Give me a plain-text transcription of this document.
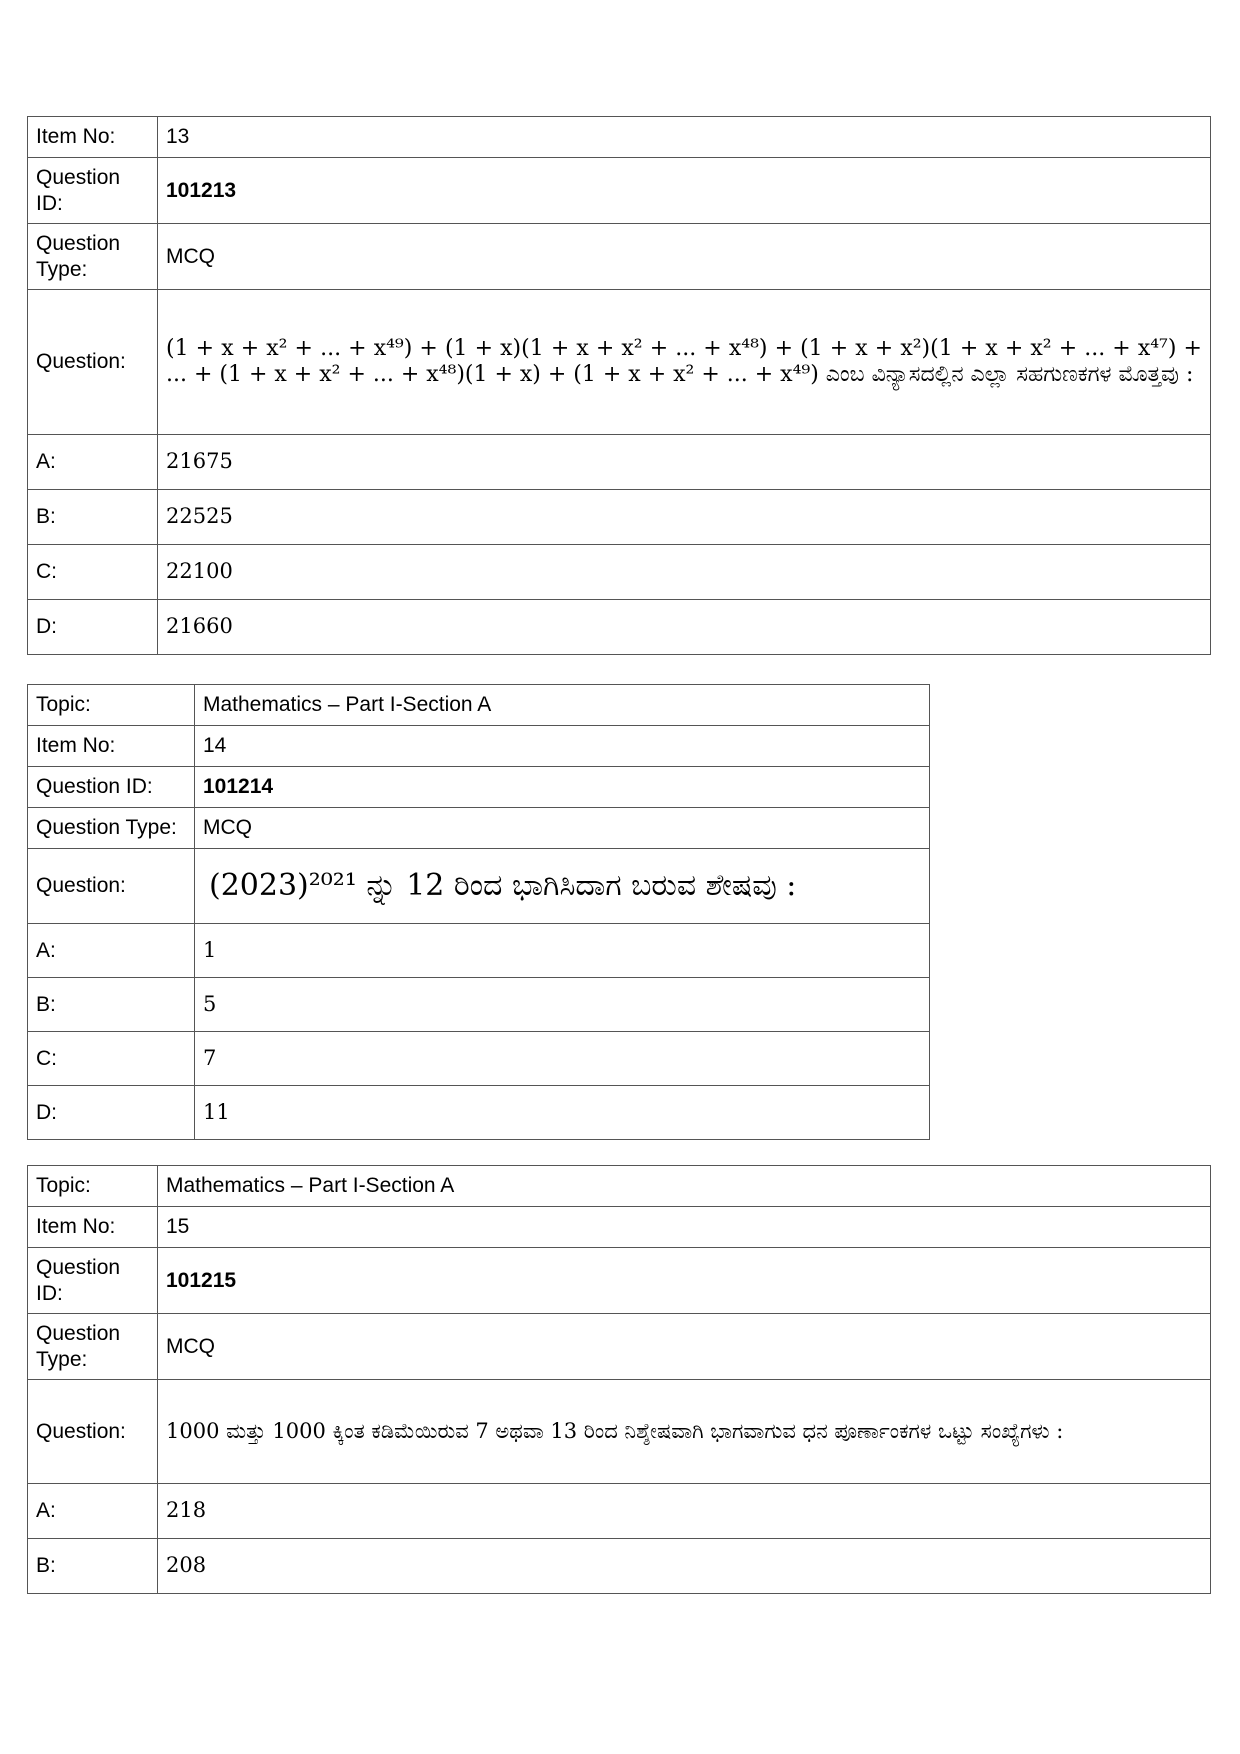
Item No:	13
Question ID:	101213
Question Type:	MCQ
Question:	(1 + x + x² + ... + x⁴⁹) + (1 + x)(1 + x + x² + ... + x⁴⁸) + (1 + x + x²)(1 + x + x² + ... + x⁴⁷) + ... + (1 + x + x² + ... + x⁴⁸)(1 + x) + (1 + x + x² + ... + x⁴⁹) ಎಂಬ ವಿನ್ಯಾಸದಲ್ಲಿನ ಎಲ್ಲಾ ಸಹಗುಣಕಗಳ ಮೊತ್ತವು :
A:	21675
B:	22525
C:	22100
D:	21660
Topic:	Mathematics – Part I-Section A
Item No:	14
Question ID:	101214
Question Type:	MCQ
Question:	(2023)²⁰²¹ ನ್ನು 12 ರಿಂದ ಭಾಗಿಸಿದಾಗ ಬರುವ ಶೇಷವು :
A:	1
B:	5
C:	7
D:	11
Topic:	Mathematics – Part I-Section A
Item No:	15
Question ID:	101215
Question Type:	MCQ
Question:	1000 ಮತ್ತು 1000 ಕ್ಕಿಂತ ಕಡಿಮೆಯಿರುವ 7 ಅಥವಾ 13 ರಿಂದ ನಿಶ್ಶೇಷವಾಗಿ ಭಾಗವಾಗುವ ಧನ ಪೂರ್ಣಾಂಕಗಳ ಒಟ್ಟು ಸಂಖ್ಯೆಗಳು :
A:	218
B:	208
